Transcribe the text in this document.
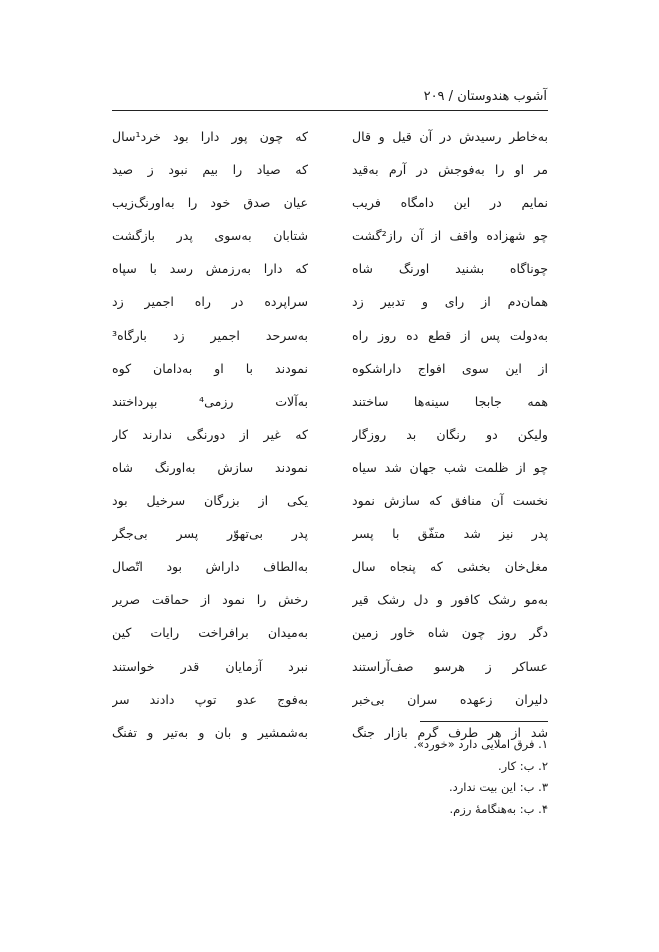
آشوب هندوستان / ۲۰۹
به‌خاطر رسیدش در آن قیل و قال
که چون پور دارا بود خرد¹سال
مر او را به‌فوجش در آرم به‌قید
که صیاد را بیم نبود ز صید
نمایم در این دامگاه فریب
عیان صدق خود را به‌اورنگ‌زیب
چو شهزاده واقف از آن راز²گشت
شتابان به‌سوی پدر بازگشت
چوناگاه بشنید اورنگ شاه
که دارا به‌رزمش رسد با سپاه
همان‌دم از رای و تدبیر زد
سراپرده در راه اجمیر زد
به‌دولت پس از قطع ده روز راه
به‌سرحد اجمیر زد بارگاه³
از این سوی افواج داراشکوه
نمودند با او به‌دامان کوه
همه جابجا سینه‌ها ساختند
به‌آلات رزمی⁴ بپرداختند
ولیکن دو رنگان بد روزگار
که غیر از دورنگی ندارند کار
چو از ظلمت شب جهان شد سیاه
نمودند سازش به‌اورنگ شاه
نخست آن منافق که سازش نمود
یکی از بزرگان سرخیل بود
پدر نیز شد متفّق با پسر
پدر بی‌تهوّر پسر بی‌جگر
مغل‌خان بخشی که پنجاه سال
به‌الطاف داراش بود اتّصال
به‌مو رشک کافور و دل رشک قیر
رخش را نمود از حماقت صریر
دگر روز چون شاه خاور زمین
به‌میدان برافراخت رایات کین
عساکر ز هرسو صف‌آراستند
نبرد آزمایان قدر خواستند
دلیران زعهده سران بی‌خبر
به‌فوج عدو توپ دادند سر
شد از هر طرف گرم بازار جنگ
به‌شمشیر و بان و به‌تیر و تفنگ
۱. فرق املایی دارد «خورد».
۲. ب: کار.
۳. ب: این بیت ندارد.
۴. ب: به‌هنگامهٔ رزم.
